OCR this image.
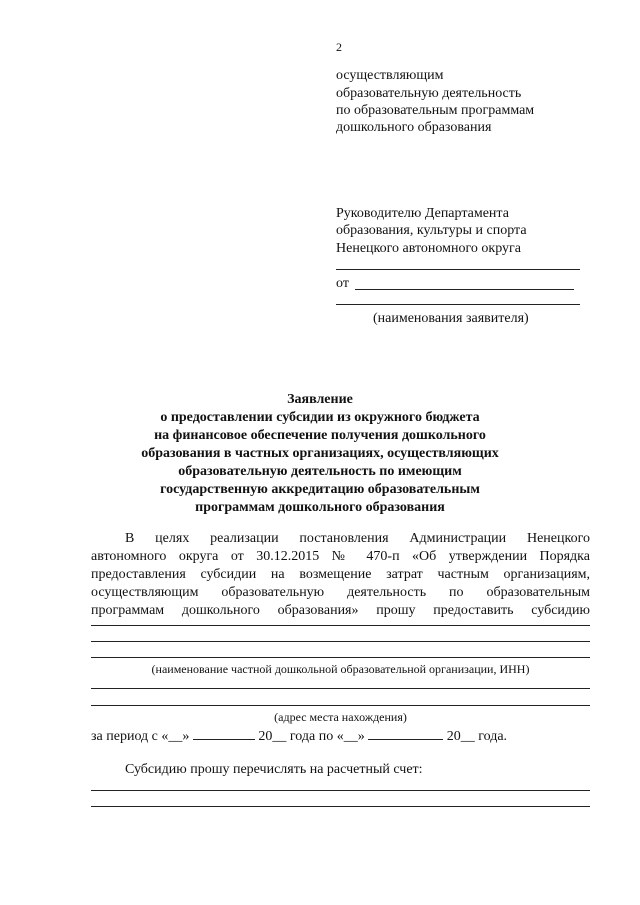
2
осуществляющим
образовательную деятельность
по образовательным программам
дошкольного образования
Руководителю Департамента
образования, культуры и спорта
Ненецкого автономного округа
от
(наименования заявителя)
Заявление
о предоставлении субсидии из окружного бюджета
на финансовое обеспечение получения дошкольного
образования в частных организациях, осуществляющих
образовательную деятельность по имеющим
государственную аккредитацию образовательным
программам дошкольного образования
В целях реализации постановления Администрации Ненецкого
автономного округа от 30.12.2015 № 470-п «Об утверждении Порядка
предоставления субсидии на возмещение затрат частным организациям,
осуществляющим образовательную деятельность по образовательным
программам дошкольного образования» прошу предоставить субсидию
(наименование частной дошкольной образовательной организации, ИНН)
(адрес места нахождения)
за период с «__»	20__ года по «__»	20__ года.
Субсидию прошу перечислять на расчетный счет:
